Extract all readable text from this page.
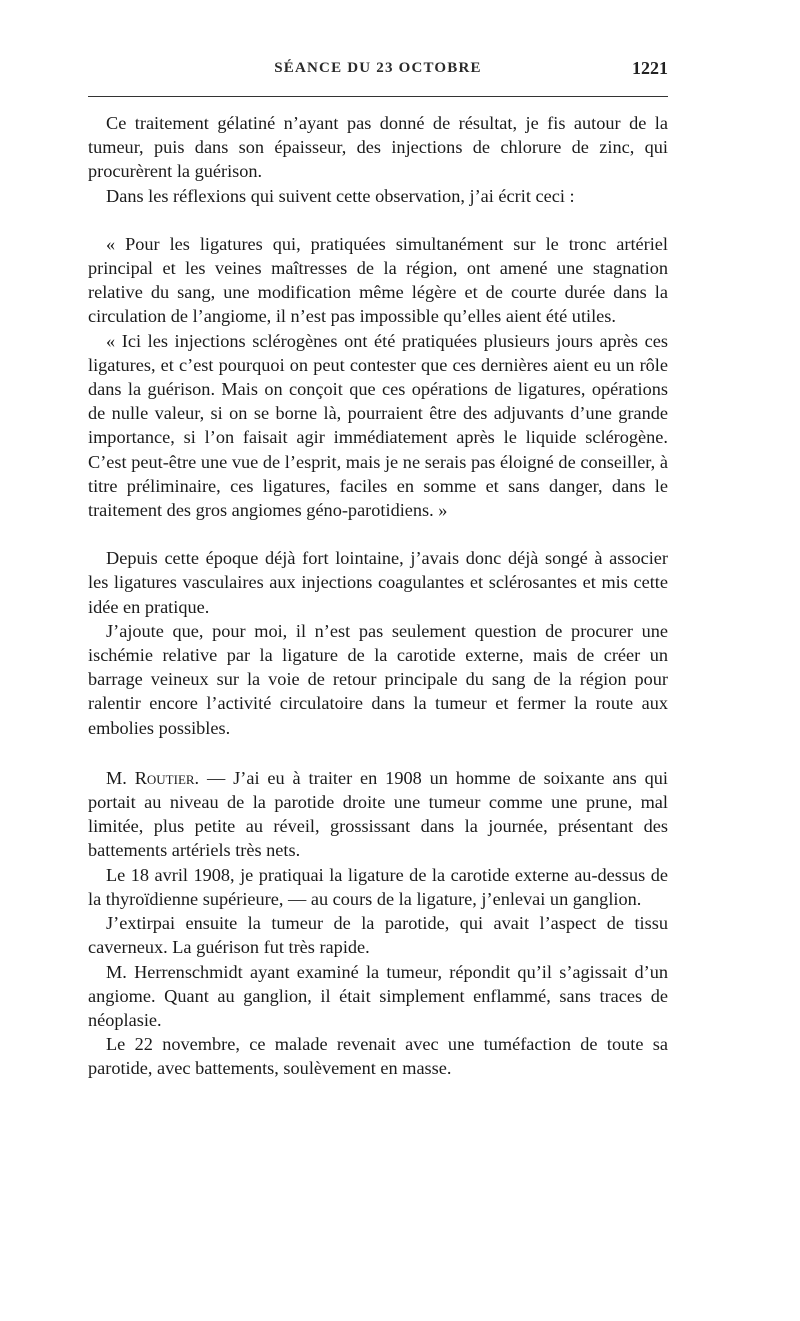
SÉANCE DU 23 OCTOBRE	1221

Ce traitement gélatiné n’ayant pas donné de résultat, je fis autour de la tumeur, puis dans son épaisseur, des injections de chlorure de zinc, qui procurèrent la guérison.

Dans les réflexions qui suivent cette observation, j’ai écrit ceci :

« Pour les ligatures qui, pratiquées simultanément sur le tronc artériel principal et les veines maîtresses de la région, ont amené une stagnation relative du sang, une modification même légère et de courte durée dans la circulation de l’angiome, il n’est pas impossible qu’elles aient été utiles.

« Ici les injections sclérogènes ont été pratiquées plusieurs jours après ces ligatures, et c’est pourquoi on peut contester que ces dernières aient eu un rôle dans la guérison. Mais on conçoit que ces opérations de ligatures, opérations de nulle valeur, si on se borne là, pourraient être des adjuvants d’une grande importance, si l’on faisait agir immédiatement après le liquide sclérogène. C’est peut-être une vue de l’esprit, mais je ne serais pas éloigné de conseiller, à titre préliminaire, ces ligatures, faciles en somme et sans danger, dans le traitement des gros angiomes géno-parotidiens. »

Depuis cette époque déjà fort lointaine, j’avais donc déjà songé à associer les ligatures vasculaires aux injections coagulantes et sclérosantes et mis cette idée en pratique.

J’ajoute que, pour moi, il n’est pas seulement question de procurer une ischémie relative par la ligature de la carotide externe, mais de créer un barrage veineux sur la voie de retour principale du sang de la région pour ralentir encore l’activité circulatoire dans la tumeur et fermer la route aux embolies possibles.

M. Routier. — J’ai eu à traiter en 1908 un homme de soixante ans qui portait au niveau de la parotide droite une tumeur comme une prune, mal limitée, plus petite au réveil, grossissant dans la journée, présentant des battements artériels très nets.

Le 18 avril 1908, je pratiquai la ligature de la carotide externe au-dessus de la thyroïdienne supérieure, — au cours de la ligature, j’enlevai un ganglion.

J’extirpai ensuite la tumeur de la parotide, qui avait l’aspect de tissu caverneux. La guérison fut très rapide.

M. Herrenschmidt ayant examiné la tumeur, répondit qu’il s’agissait d’un angiome. Quant au ganglion, il était simplement enflammé, sans traces de néoplasie.

Le 22 novembre, ce malade revenait avec une tuméfaction de toute sa parotide, avec battements, soulèvement en masse.
